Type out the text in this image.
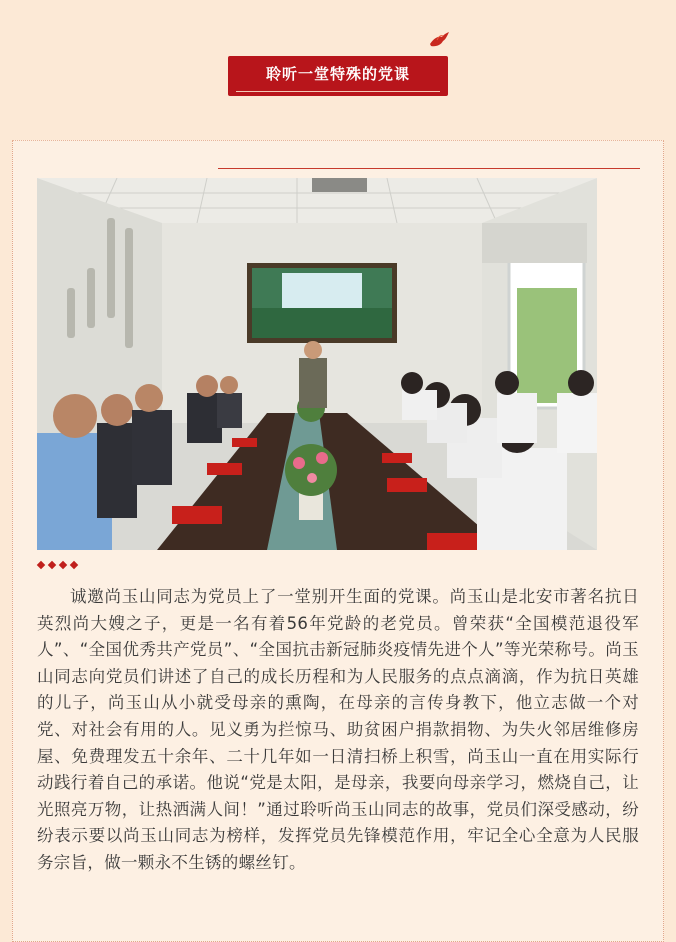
聆听一堂特殊的党课

诚邀尚玉山同志为党员上了一堂别开生面的党课。尚玉山是北安市著名抗日英烈尚大嫂之子，更是一名有着56年党龄的老党员。曾荣获“全国模范退役军人”、“全国优秀共产党员”、“全国抗击新冠肺炎疫情先进个人”等光荣称号。尚玉山同志向党员们讲述了自己的成长历程和为人民服务的点点滴滴，作为抗日英雄的儿子，尚玉山从小就受母亲的熏陶，在母亲的言传身教下，他立志做一个对党、对社会有用的人。见义勇为拦惊马、助贫困户捐款捐物、为失火邻居维修房屋、免费理发五十余年、二十几年如一日清扫桥上积雪，尚玉山一直在用实际行动践行着自己的承诺。他说“党是太阳，是母亲，我要向母亲学习，燃烧自己，让光照亮万物，让热洒满人间！”通过聆听尚玉山同志的故事，党员们深受感动，纷纷表示要以尚玉山同志为榜样，发挥党员先锋模范作用，牢记全心全意为人民服务宗旨，做一颗永不生锈的螺丝钉。
